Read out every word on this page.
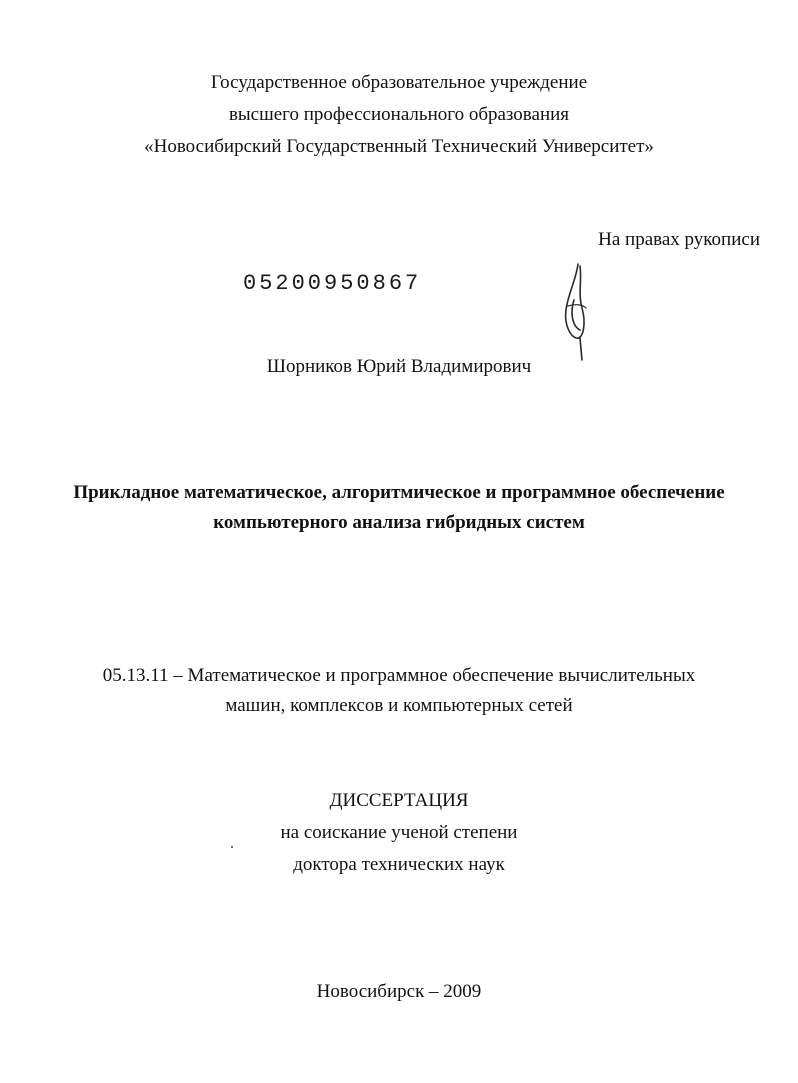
Государственное образовательное учреждение
высшего профессионального образования
«Новосибирский Государственный Технический Университет»
На правах рукописи
05200950867
Шорников Юрий Владимирович
Прикладное математическое, алгоритмическое и программное обеспечение
компьютерного анализа гибридных систем
05.13.11 – Математическое и программное обеспечение вычислительных
машин, комплексов и компьютерных сетей
ДИССЕРТАЦИЯ
на соискание ученой степени
доктора технических наук
Новосибирск – 2009
